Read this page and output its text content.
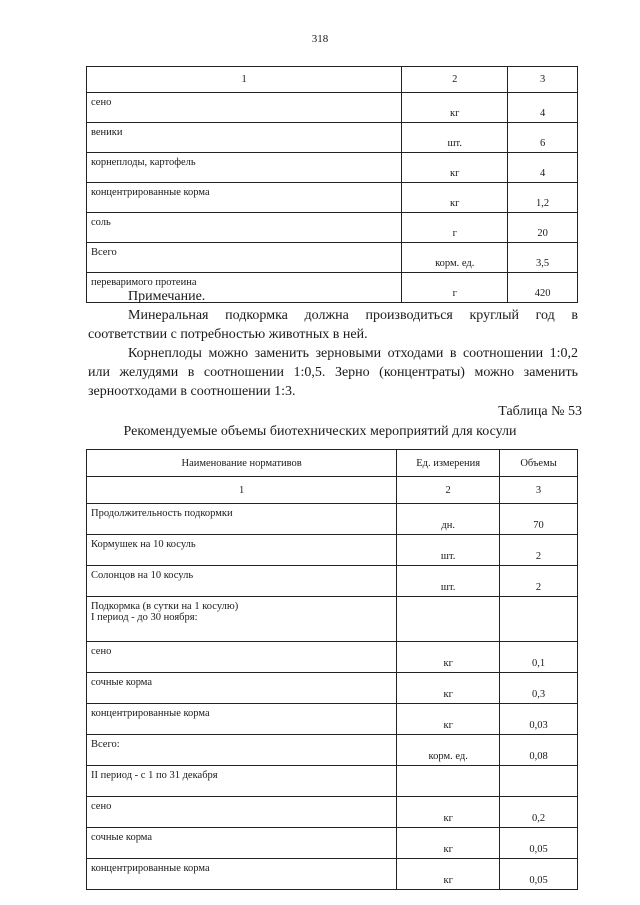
318
1	2	3
сено	кг	4
веники	шт.	6
корнеплоды, картофель	кг	4
концентрированные корма	кг	1,2
соль	г	20
Всего	корм. ед.	3,5
переваримого протеина	г	420

Примечание.

Минеральная подкормка должна производиться круглый год в соответствии с потребностью животных в ней.

Корнеплоды можно заменить зерновыми отходами в соотношении 1:0,2 или желудями в соотношении 1:0,5. Зерно (концентраты) можно заменить зерноотходами в соотношении 1:3.

Таблица № 53
Рекомендуемые объемы биотехнических мероприятий для косули
Наименование нормативов	Ед. измерения	Объемы
1	2	3
Продолжительность подкормки	дн.	70
Кормушек на 10 косуль	шт.	2
Солонцов на 10 косуль	шт.	2

Подкормка (в сутки на 1 косулю)
I период - до 30 ноября:		

сено	кг	0,1
сочные корма	кг	0,3
концентрированные корма	кг	0,03
Всего:	корм. ед.	0,08
II период - с 1 по 31 декабря		
сено	кг	0,2
сочные корма	кг	0,05
концентрированные корма	кг	0,05
